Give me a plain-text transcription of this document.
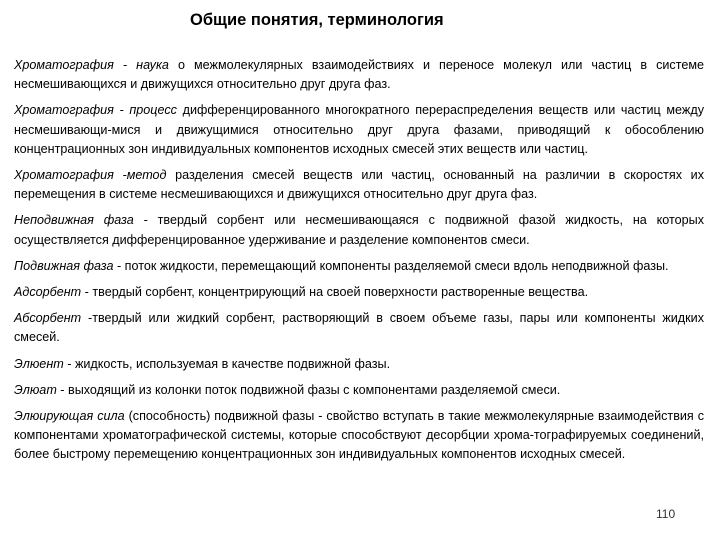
Общие понятия, терминология

Хроматография - наука о межмолекулярных взаимодействиях и переносе молекул или частиц в системе несмешивающихся и движущихся относительно друг друга фаз.

Хроматография - процесс дифференцированного многократного перераспределения веществ или частиц между несмешивающи-мися и движущимися относительно друг друга фазами, приводящий к обособлению концентрационных зон индивидуальных компонентов исходных смесей этих веществ или частиц.

Хроматография -метод разделения смесей веществ или частиц, основанный на различии в скоростях их перемещения в системе несмешивающихся и движущихся относительно друг друга фаз.

Неподвижная фаза - твердый сорбент или несмешивающаяся с подвижной фазой жидкость, на которых осуществляется дифференцированное удерживание и разделение компонентов смеси.

Подвижная фаза - поток жидкости, перемещающий компоненты разделяемой смеси вдоль неподвижной фазы.

Адсорбент - твердый сорбент, концентрирующий на своей поверхности растворенные вещества.

Абсорбент -твердый или жидкий сорбент, растворяющий в своем объеме газы, пары или компоненты жидких смесей.

Элюент - жидкость, используемая в качестве подвижной фазы.

Элюат - выходящий из колонки поток подвижной фазы с компонентами разделяемой смеси.

Элюирующая сила (способность) подвижной фазы - свойство вступать в такие межмолекулярные взаимодействия с компонентами хроматографической системы, которые способствуют десорбции хрома-тографируемых соединений, более быстрому перемещению концентрационных зон индивидуальных компонентов исходных смесей.

110
